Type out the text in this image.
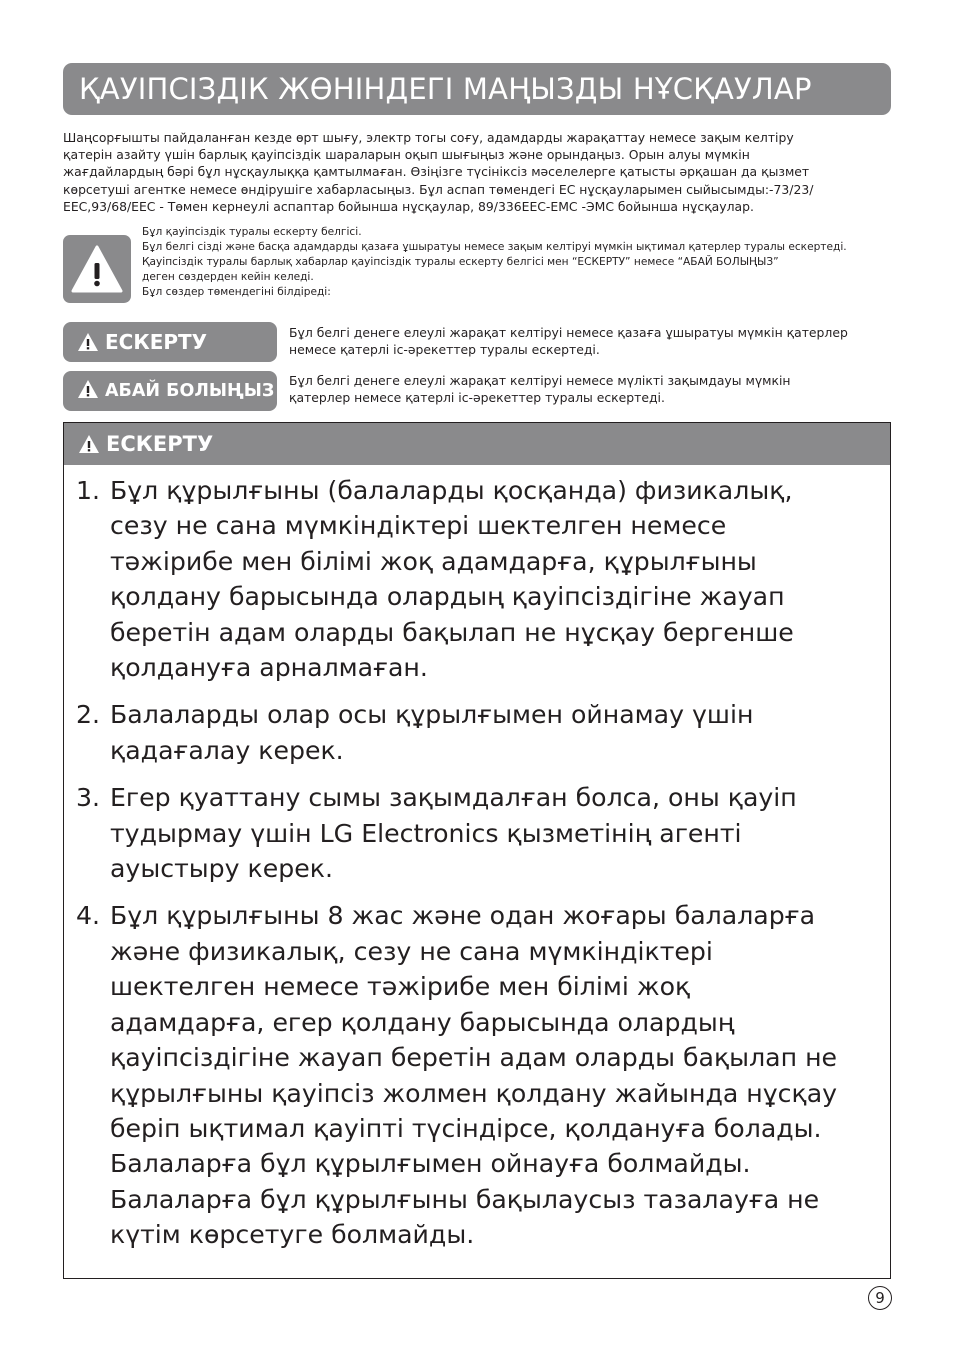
ҚАУІПСІЗДІК ЖӨНІНДЕГІ МАҢЫЗДЫ НҰСҚАУЛАР
Шаңсорғышты пайдаланған кезде өрт шығу, электр тогы соғу, адамдарды жарақаттау немесе зақым келтіру
қатерін азайту үшін барлық қауіпсіздік шараларын оқып шығыңыз және орындаңыз. Орын алуы мүмкін
жағдайлардың бәрі бұл нұсқаулыққа қамтылмаған. Өзіңізге түсініксіз мәселелерге қатысты әрқашан да қызмет
көрсетуші агентке немесе өндірушіге хабарласыңыз. Бұл аспап төмендегі ЕС нұсқауларымен сыйысымды:-73/23/
EEC,93/68/EEC - Төмен кернеулі аспаптар бойынша нұсқаулар, 89/336EEC-EMC -ЭМС бойынша нұсқаулар.
Бұл қауіпсіздік туралы ескерту белгісі.
Бұл белгі сізді және басқа адамдарды қазаға ұшыратуы немесе зақым келтіруі мүмкін ықтимал қатерлер туралы ескертеді.
Қауіпсіздік туралы барлық хабарлар қауіпсіздік туралы ескерту белгісі мен “ЕСКЕРТУ” немесе “АБАЙ БОЛЫҢЫЗ”
деген сөздерден кейін келеді.
Бұл сөздер төмендегіні білдіреді:
ЕСКЕРТУ	Бұл белгі денеге елеулі жарақат келтіруі немесе қазаға ұшыратуы мүмкін қатерлер
немесе қатерлі іс-әрекеттер туралы ескертеді.
АБАЙ БОЛЫҢЫЗ
Бұл белгі денеге елеулі жарақат келтіруі немесе мүлікті зақымдауы мүмкін
қатерлер немесе қатерлі іс-әрекеттер туралы ескертеді.
ЕСКЕРТУ
1. Бұл құрылғыны (балаларды қосқанда) физикалық,
сезу не сана мүмкіндіктері шектелген немесе
тәжірибе мен білімі жоқ адамдарға, құрылғыны
қолдану барысында олардың қауіпсіздігіне жауап
беретін адам оларды бақылап не нұсқау бергенше
қолдануға арналмаған.
2. Балаларды олар осы құрылғымен ойнамау үшін
қадағалау керек.
3. Егер қуаттану сымы зақымдалған болса, оны қауіп
тудырмау үшін LG Electronics қызметінің агенті
ауыстыру керек.
4. Бұл құрылғыны 8 жас және одан жоғары балаларға
және физикалық, сезу не сана мүмкіндіктері
шектелген немесе тәжірибе мен білімі жоқ
адамдарға, егер қолдану барысында олардың
қауіпсіздігіне жауап беретін адам оларды бақылап не
құрылғыны қауіпсіз жолмен қолдану жайында нұсқау
беріп ықтимал қауіпті түсіндірсе, қолдануға болады.
Балаларға бұл құрылғымен ойнауға болмайды.
Балаларға бұл құрылғыны бақылаусыз тазалауға не
күтім көрсетуге болмайды.
9
